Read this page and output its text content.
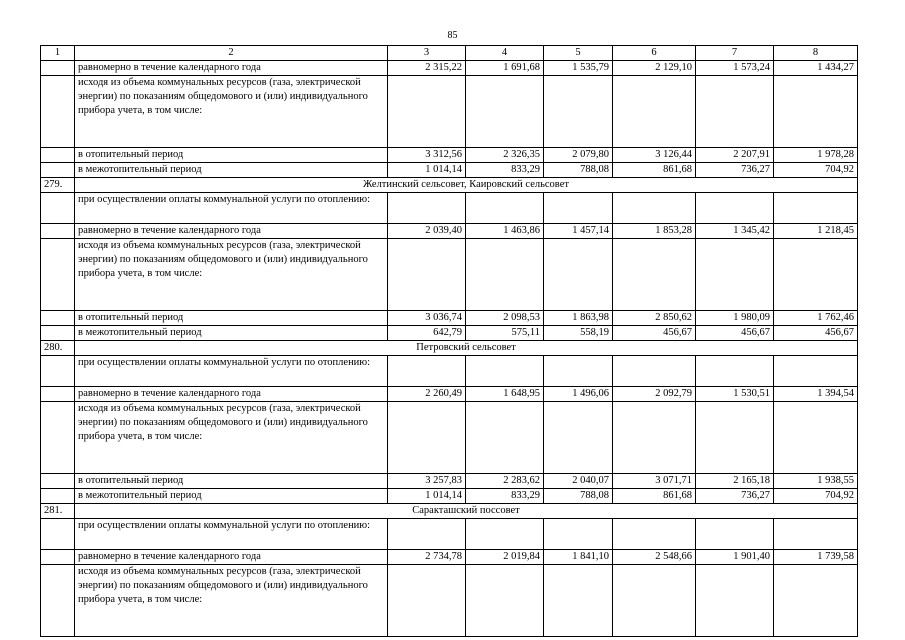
85
1	2	3	4	5	6	7	8
	равномерно в течение календарного года	2 315,22	1 691,68	1 535,79	2 129,10	1 573,24	1 434,27
	исходя из объема коммунальных ресурсов (газа, электрической энергии) по показаниям общедомового и (или) индивидуального прибора учета, в том числе:						
	в отопительный период	3 312,56	2 326,35	2 079,80	3 126,44	2 207,91	1 978,28
	в межотопительный период	1 014,14	833,29	788,08	861,68	736,27	704,92
279.	Желтинский сельсовет, Каировский сельсовет						
	при осуществлении оплаты коммунальной услуги по отоплению:						
	равномерно в течение календарного года	2 039,40	1 463,86	1 457,14	1 853,28	1 345,42	1 218,45
	исходя из объема коммунальных ресурсов (газа, электрической энергии) по показаниям общедомового и (или) индивидуального прибора учета, в том числе:						
	в отопительный период	3 036,74	2 098,53	1 863,98	2 850,62	1 980,09	1 762,46
	в межотопительный период	642,79	575,11	558,19	456,67	456,67	456,67
280.	Петровский сельсовет						
	при осуществлении оплаты коммунальной услуги по отоплению:						
	равномерно в течение календарного года	2 260,49	1 648,95	1 496,06	2 092,79	1 530,51	1 394,54
	исходя из объема коммунальных ресурсов (газа, электрической энергии) по показаниям общедомового и (или) индивидуального прибора учета, в том числе:						
	в отопительный период	3 257,83	2 283,62	2 040,07	3 071,71	2 165,18	1 938,55
	в межотопительный период	1 014,14	833,29	788,08	861,68	736,27	704,92
281.	Саракташский поссовет						
	при осуществлении оплаты коммунальной услуги по отоплению:						
	равномерно в течение календарного года	2 734,78	2 019,84	1 841,10	2 548,66	1 901,40	1 739,58
	исходя из объема коммунальных ресурсов (газа, электрической энергии) по показаниям общедомового и (или) индивидуального прибора учета, в том числе:						
